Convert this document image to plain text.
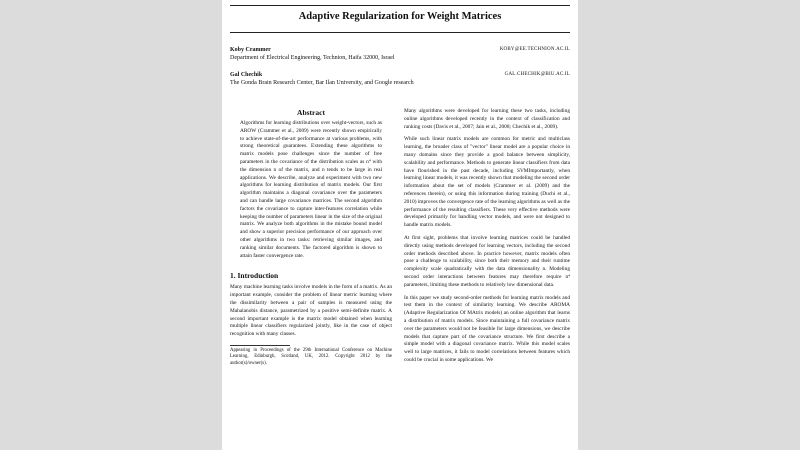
Adaptive Regularization for Weight Matrices
Koby Crammer	KOBY@EE.TECHNION.AC.IL
Department of Electrical Engineering, Technion, Haifa 32000, Israel
Gal Chechik	GAL.CHECHIK@BIU.AC.IL
The Gonda Brain Research Center, Bar Ilan University, and Google research
Abstract
Algorithms for learning distributions over weight-vectors, such as AROW (Crammer et al., 2009) were recently shown empirically to achieve state-of-the-art performance at various problems, with strong theoretical guarantees. Extending these algorithms to matrix models pose challenges since the number of free parameters in the covariance of the distribution scales as n⁴ with the dimension n of the matrix, and n tends to be large in real applications. We describe, analyze and experiment with two new algorithms for learning distribution of matrix models. Our first algorithm maintains a diagonal covariance over the parameters and can handle large covariance matrices. The second algorithm factors the covariance to capture inter-features correlation while keeping the number of parameters linear in the size of the original matrix. We analyze both algorithms in the mistake bound model and show a superior precision performance of our approach over other algorithms in two tasks: retrieving similar images, and ranking similar documents. The factored algorithm is shown to attain faster convergence rate.
1. Introduction
Many machine learning tasks involve models in the form of a matrix. As an important example, consider the problem of linear metric learning where the dissimilarity between a pair of samples is measured using the Mahalanobis distance, parametrized by a positive semi-definite matrix. A second important example is the matrix model obtained when learning multiple linear classifiers regularized jointly, like in the case of object recognition with many classes.
Appearing in Proceedings of the 29th International Conference on Machine Learning, Edinburgh, Scotland, UK, 2012. Copyright 2012 by the author(s)/owner(s).
Many algorithms were developed for learning these two tasks, including online algorithms developed recently in the context of classification and ranking costs (Davis et al., 2007; Jain et al., 2008; Chechik et al., 2009).
While such linear matrix models are common for metric and multiclass learning, the broader class of "vector" linear model are a popular choice in many domains since they provide a good balance between simplicity, scalability and performance. Methods to generate linear classifiers from data have flourished in the past decade, including SVMImportantly, when learning linear models, it was recently shown that modeling the second order information about the set of models (Crammer et al. (2009) and the references therein), or using this information during training (Duchi et al., 2010) improves the convergence rate of the learning algorithms as well as the performance of the resulting classifiers. These very effective methods were developed primarily for handling vector models, and were not designed to handle matrix models.
At first sight, problems that involve learning matrices could be handled directly using methods developed for learning vectors, including the second order methods described above. In practice however, matrix models often pose a challenge to scalability, since both their memory and their runtime complexity scale quadratically with the data dimensionality n. Modeling second order interactions between features may therefore require n⁴ parameters, limiting these methods to relatively low dimensional data.
In this paper we study second-order methods for learning matrix models and test them in the context of similarity learning. We describe AROMA (Adaptive Regularization Of MAtrix models) an online algorithm that learns a distribution of matrix models. Since maintaining a full covariance matrix over the parameters would not be feasible for large dimensions, we describe models that capture part of the covariance structure. We first describe a simple model with a diagonal covariance matrix. While this model scales well to large matrices, it fails to model correlations between features which could be crucial in some applications. We
